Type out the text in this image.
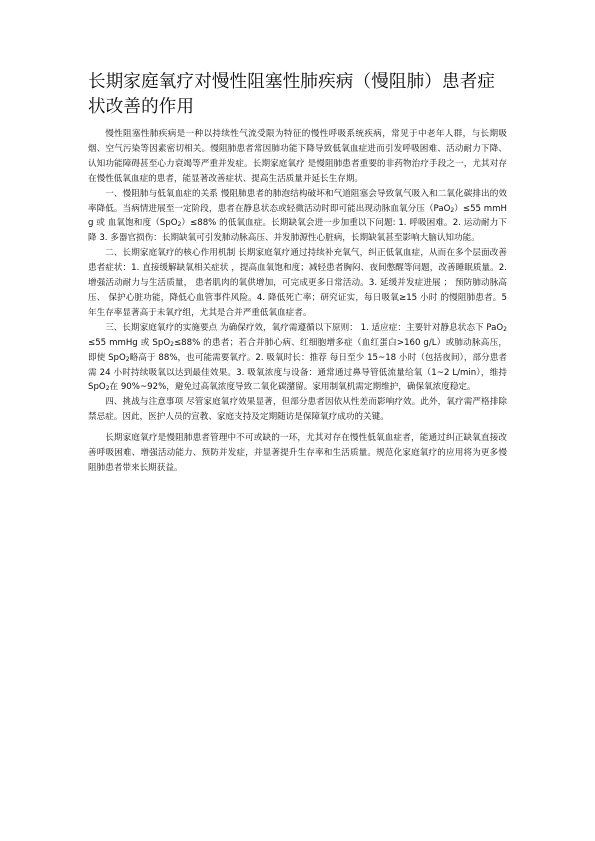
长期家庭氧疗对慢性阻塞性肺疾病（慢阻肺）患者症状改善的作用

慢性阻塞性肺疾病是一种以持续性气流受限为特征的慢性呼吸系统疾病，常见于中老年人群，与长期吸烟、空气污染等因素密切相关。慢阻肺患者常因肺功能下降导致低氧血症进而引发呼吸困难、活动耐力下降、认知功能障碍甚至心力衰竭等严重并发症。长期家庭氧疗 是慢阻肺患者重要的非药物治疗手段之一，尤其对存在慢性低氧血症的患者，能显著改善症状、提高生活质量并延长生存期。

一、慢阻肺与低氧血症的关系 慢阻肺患者的肺泡结构破坏和气道阻塞会导致氧气吸入和二氧化碳排出的效率降低。当病情进展至一定阶段，患者在静息状态或轻微活动时即可能出现动脉血氧分压（PaO$_2$）≤55 mmHg 或 血氧饱和度（SpO$_2$）≤88% 的低氧血症。长期缺氧会进一步加重以下问题: 1. 呼吸困难。2. 运动耐力下降 3. 多器官损伤：长期缺氧可引发肺动脉高压、并发肺源性心脏病，长期缺氧甚至影响大脑认知功能。

二、长期家庭氧疗的核心作用机制 长期家庭氧疗通过持续补充氧气，纠正低氧血症，从而在多个层面改善患者症状：1. 直接缓解缺氧相关症状 ，提高血氧饱和度；减轻患者胸闷、夜间憋醒等问题，改善睡眠质量。2. 增强活动耐力与生活质量， 患者肌肉的氧供增加，可完成更多日常活动。3. 延缓并发症进展 ； 预防肺动脉高压、 保护心脏功能，降低心血管事件风险。4. 降低死亡率；研究证实，每日吸氧≥15 小时 的慢阻肺患者。5 年生存率显著高于未氧疗组，尤其是合并严重低氧血症者。

三、长期家庭氧疗的实施要点 为确保疗效，氧疗需遵循以下原则： 1. 适应症：主要针对静息状态下 PaO$_2$≤55 mmHg 或 SpO$_2$≤88% 的患者；若合并肺心病、红细胞增多症（血红蛋白>160 g/L）或肺动脉高压，即使 SpO$_2$略高于 88%，也可能需要氧疗。2. 吸氧时长：推荐 每日至少 15~18 小时（包括夜间），部分患者需 24 小时持续吸氧以达到最佳效果。3. 吸氧浓度与设备：通常通过鼻导管低流量给氧（1~2 L/min），维持 SpO$_2$在 90%~92%，避免过高氧浓度导致二氧化碳潴留。家用制氧机需定期维护，确保氧浓度稳定。

四、挑战与注意事项 尽管家庭氧疗效果显著，但部分患者因依从性差而影响疗效。此外，氧疗需严格排除禁忌症。因此，医护人员的宣教、家庭支持及定期随访是保障氧疗成功的关键。

长期家庭氧疗是慢阻肺患者管理中不可或缺的一环，尤其对存在慢性低氧血症者，能通过纠正缺氧直接改善呼吸困难、增强活动能力、预防并发症，并显著提升生存率和生活质量。规范化家庭氧疗的应用将为更多慢阻肺患者带来长期获益。
